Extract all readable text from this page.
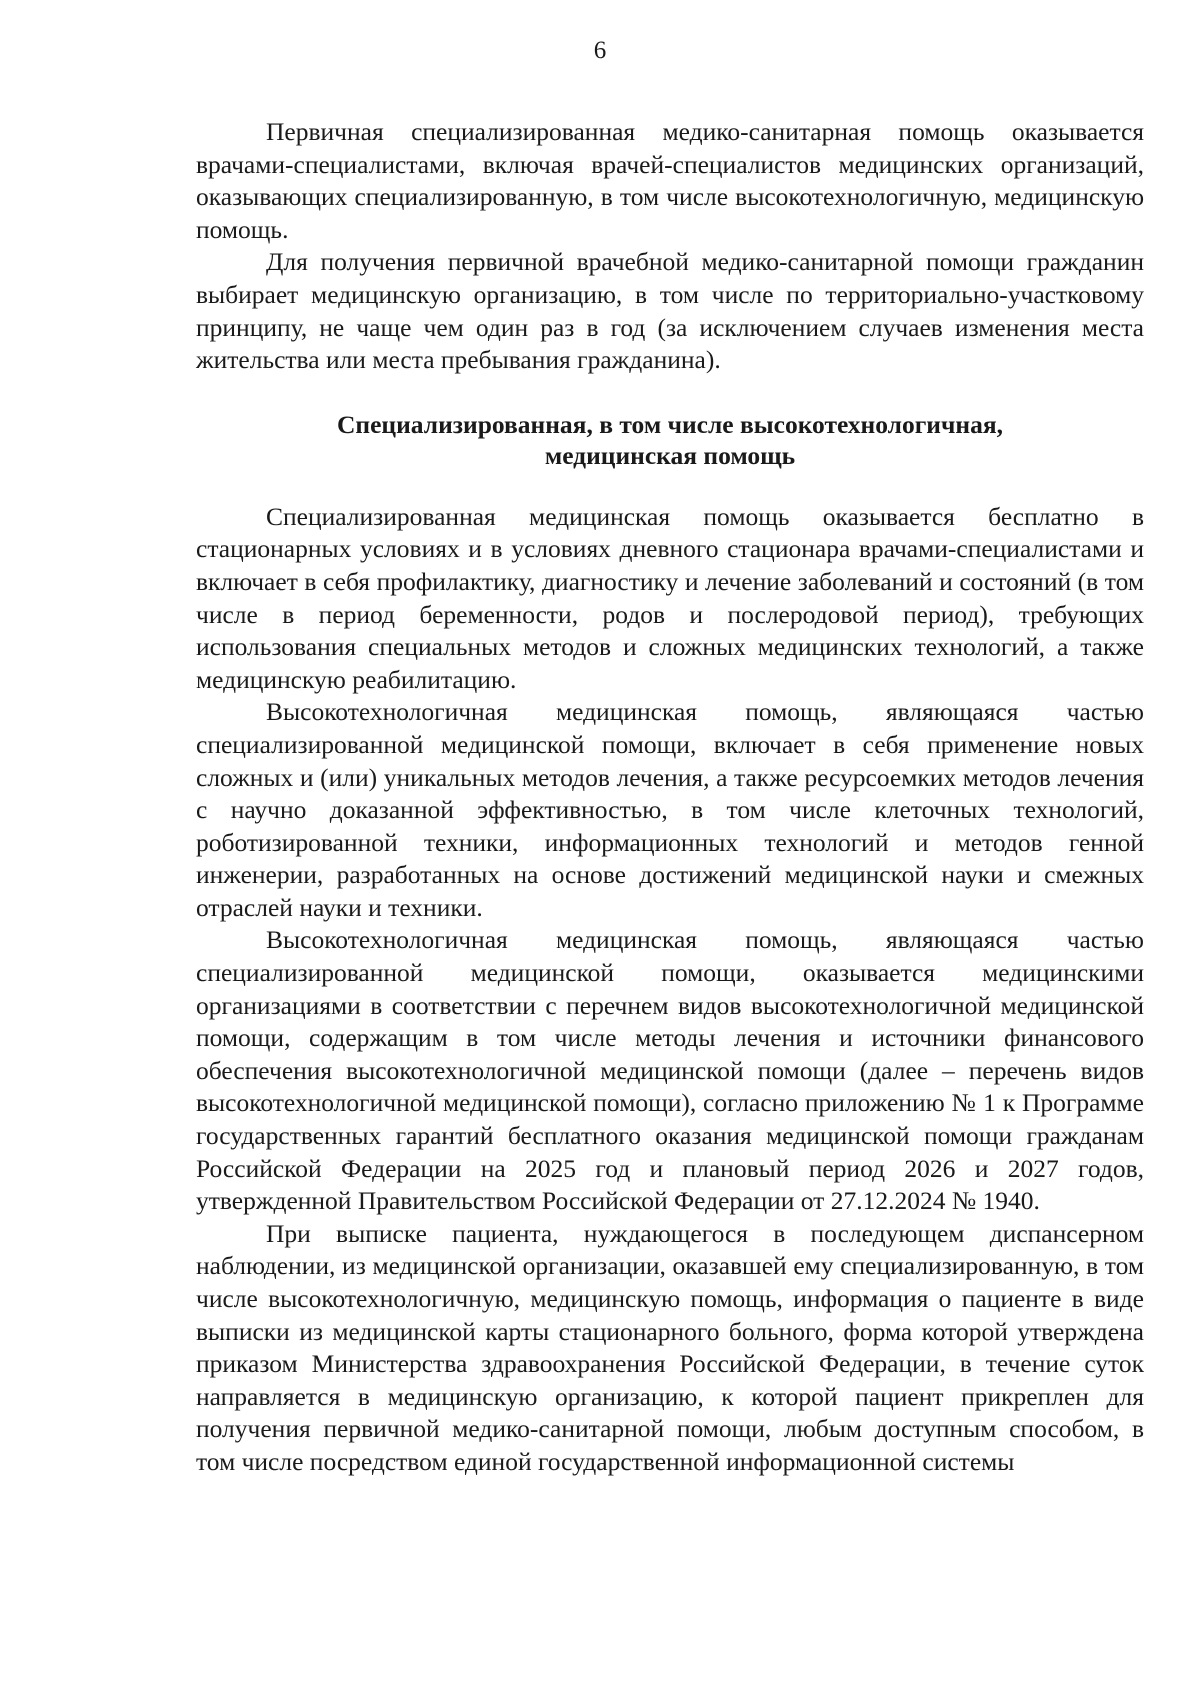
6

Первичная специализированная медико-санитарная помощь оказывается врачами-специалистами, включая врачей-специалистов медицинских организаций, оказывающих специализированную, в том числе высокотехнологичную, медицинскую помощь.

Для получения первичной врачебной медико-санитарной помощи гражданин выбирает медицинскую организацию, в том числе по территориально-участковому принципу, не чаще чем один раз в год (за исключением случаев изменения места жительства или места пребывания гражданина).

Специализированная, в том числе высокотехнологичная,
медицинская помощь

Специализированная медицинская помощь оказывается бесплатно в стационарных условиях и в условиях дневного стационара врачами-специалистами и включает в себя профилактику, диагностику и лечение заболеваний и состояний (в том числе в период беременности, родов и послеродовой период), требующих использования специальных методов и сложных медицинских технологий, а также медицинскую реабилитацию.

Высокотехнологичная медицинская помощь, являющаяся частью специализированной медицинской помощи, включает в себя применение новых сложных и (или) уникальных методов лечения, а также ресурсоемких методов лечения с научно доказанной эффективностью, в том числе клеточных технологий, роботизированной техники, информационных технологий и методов генной инженерии, разработанных на основе достижений медицинской науки и смежных отраслей науки и техники.

Высокотехнологичная медицинская помощь, являющаяся частью специализированной медицинской помощи, оказывается медицинскими организациями в соответствии с перечнем видов высокотехнологичной медицинской помощи, содержащим в том числе методы лечения и источники финансового обеспечения высокотехнологичной медицинской помощи (далее – перечень видов высокотехнологичной медицинской помощи), согласно приложению № 1 к Программе государственных гарантий бесплатного оказания медицинской помощи гражданам Российской Федерации на 2025 год и плановый период 2026 и 2027 годов, утвержденной Правительством Российской Федерации от 27.12.2024 № 1940.

При выписке пациента, нуждающегося в последующем диспансерном наблюдении, из медицинской организации, оказавшей ему специализированную, в том числе высокотехнологичную, медицинскую помощь, информация о пациенте в виде выписки из медицинской карты стационарного больного, форма которой утверждена приказом Министерства здравоохранения Российской Федерации, в течение суток направляется в медицинскую организацию, к которой пациент прикреплен для получения первичной медико-санитарной помощи, любым доступным способом, в том числе посредством единой государственной информационной системы
